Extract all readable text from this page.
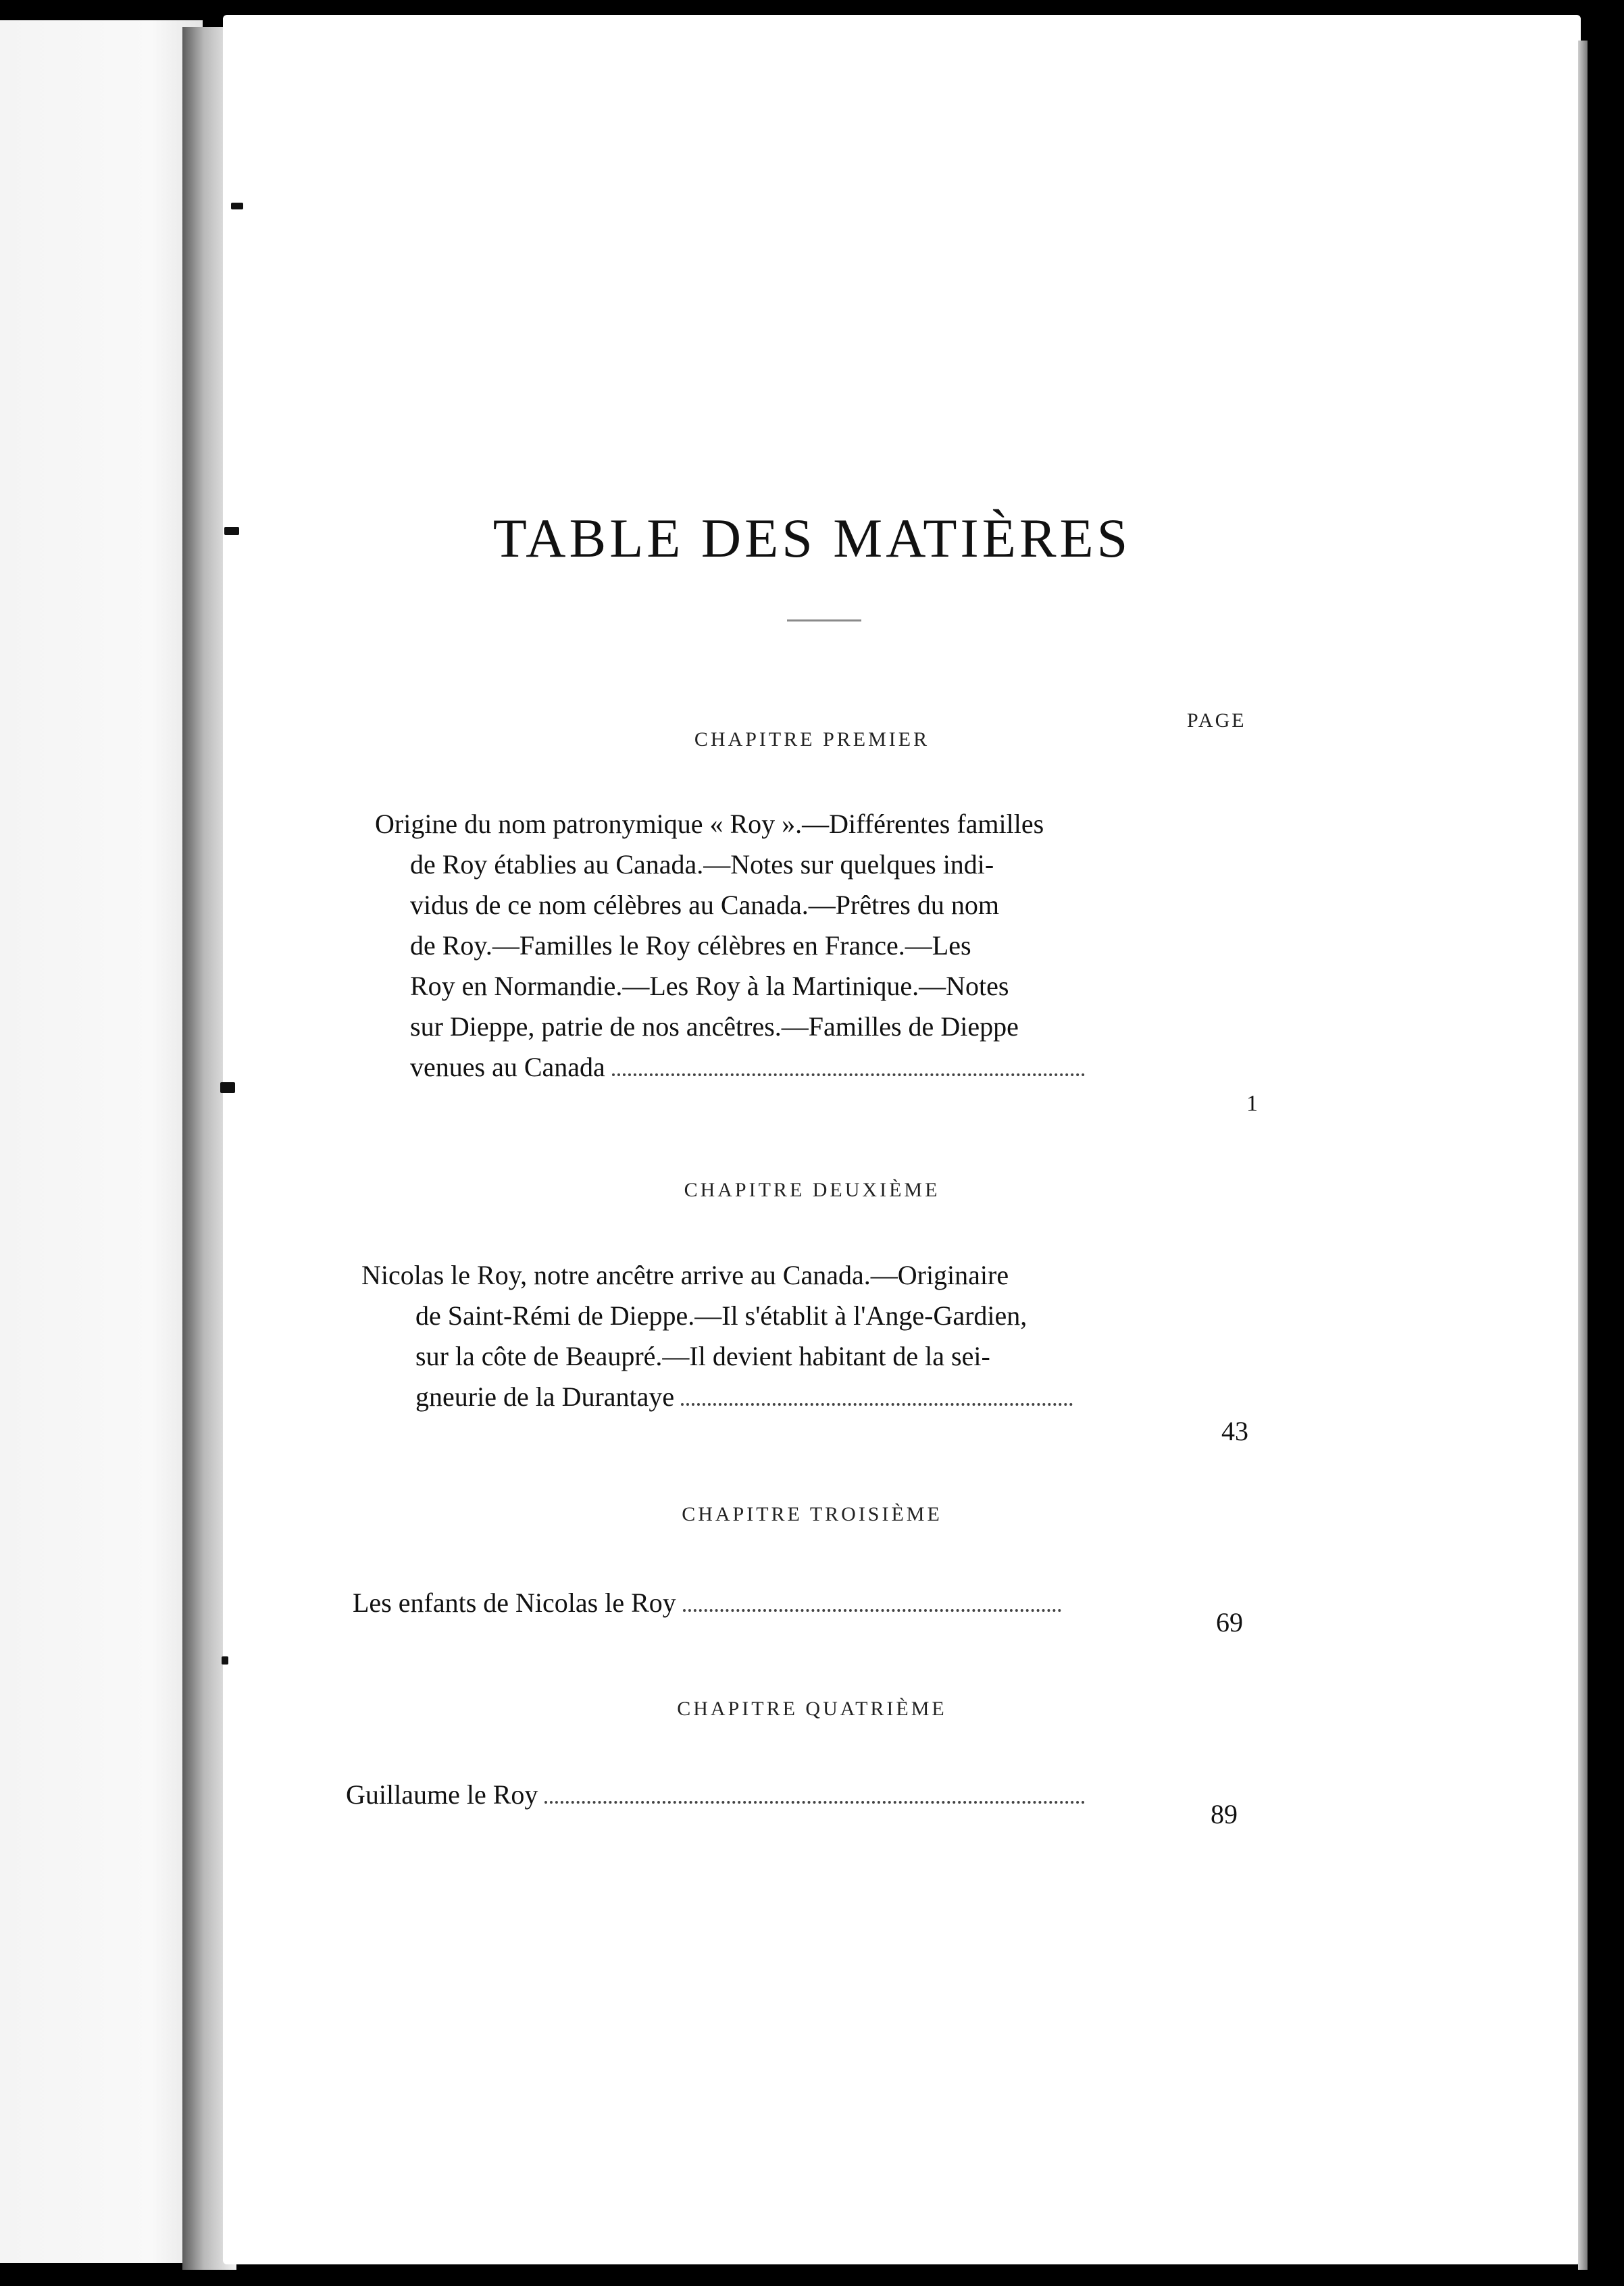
TABLE DES MATIÈRES
PAGE
CHAPITRE PREMIER
Origine du nom patronymique « Roy ».—Différentes familles
de Roy établies au Canada.—Notes sur quelques indi-
vidus de ce nom célèbres au Canada.—Prêtres du nom
de Roy.—Familles le Roy célèbres en France.—Les
Roy en Normandie.—Les Roy à la Martinique.—Notes
sur Dieppe, patrie de nos ancêtres.—Familles de Dieppe
venues au Canada
1
CHAPITRE DEUXIÈME
Nicolas le Roy, notre ancêtre arrive au Canada.—Originaire
de Saint-Rémi de Dieppe.—Il s'établit à l'Ange-Gardien,
sur la côte de Beaupré.—Il devient habitant de la sei-
gneurie de la Durantaye
43
CHAPITRE TROISIÈME
Les enfants de Nicolas le Roy
69
CHAPITRE QUATRIÈME
Guillaume le Roy
89
